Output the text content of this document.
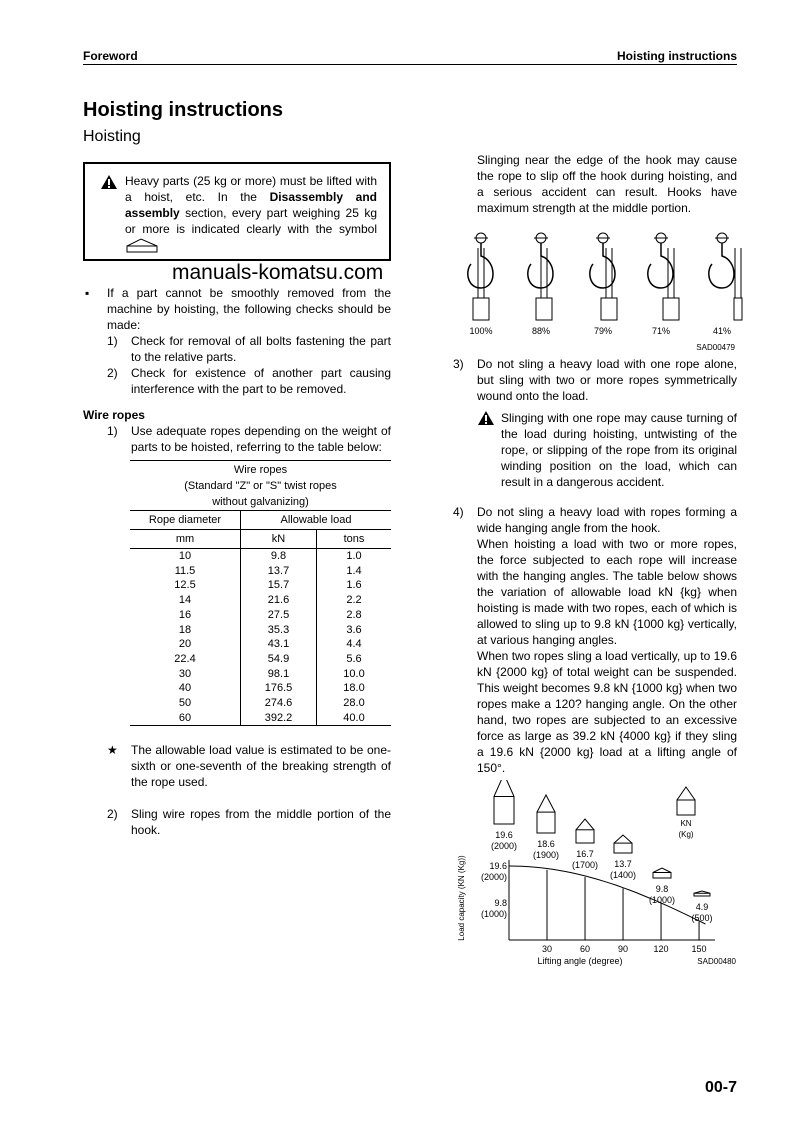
Foreword	Hoisting instructions
Hoisting instructions
Hoisting
Heavy parts (25 kg or more) must be lifted with a hoist, etc. In the Disassembly and assembly section, every part weighing 25 kg or more is indicated clearly with the symbol
manuals-komatsu.com
▪ If a part cannot be smoothly removed from the machine by hoisting, the following checks should be made:
1) Check for removal of all bolts fastening the part to the relative parts.
2) Check for existence of another part causing interference with the part to be removed.
Wire ropes
1) Use adequate ropes depending on the weight of parts to be hoisted, referring to the table below:
Wire ropes
(Standard "Z" or "S" twist ropes
without galvanizing)
Rope diameter	Allowable load	
mm	kN	tons
10	9.8	1.0
11.5	13.7	1.4
12.5	15.7	1.6
14	21.6	2.2
16	27.5	2.8
18	35.3	3.6
20	43.1	4.4
22.4	54.9	5.6
30	98.1	10.0
40	176.5	18.0
50	274.6	28.0
60	392.2	40.0
★ The allowable load value is estimated to be one-sixth or one-seventh of the breaking strength of the rope used.
2) Sling wire ropes from the middle portion of the hook.
Slinging near the edge of the hook may cause the rope to slip off the hook during hoisting, and a serious accident can result. Hooks have maximum strength at the middle portion.
100%	88%	79%	71%	41%
SAD00479
3) Do not sling a heavy load with one rope alone, but sling with two or more ropes symmetrically wound onto the load.
Slinging with one rope may cause turning of the load during hoisting, untwisting of the rope, or slipping of the rope from its original winding position on the load, which can result in a dangerous accident.
4) Do not sling a heavy load with ropes forming a wide hanging angle from the hook.
When hoisting a load with two or more ropes, the force subjected to each rope will increase with the hanging angles. The table below shows the variation of allowable load kN {kg} when hoisting is made with two ropes, each of which is allowed to sling up to 9.8 kN {1000 kg} vertically, at various hanging angles.
When two ropes sling a load vertically, up to 19.6 kN {2000 kg} of total weight can be suspended. This weight becomes 9.8 kN {1000 kg} when two ropes make a 120? hanging angle. On the other hand, two ropes are subjected to an excessive force as large as 39.2 kN {4000 kg} if they sling a 19.6 kN {2000 kg} load at a lifting angle of 150°.
30	60	90	120	150
19.6
(2000) 18.6
(1900) 16.7
(1700) 13.7
(1400)
9.8
(1000)
4.9
(500)
19.6
(2000)
9.8
(1000)
Lifting angle (degree)	SAD00480
Load capacity (KN (Kg))
KN
(Kg)
00-7
